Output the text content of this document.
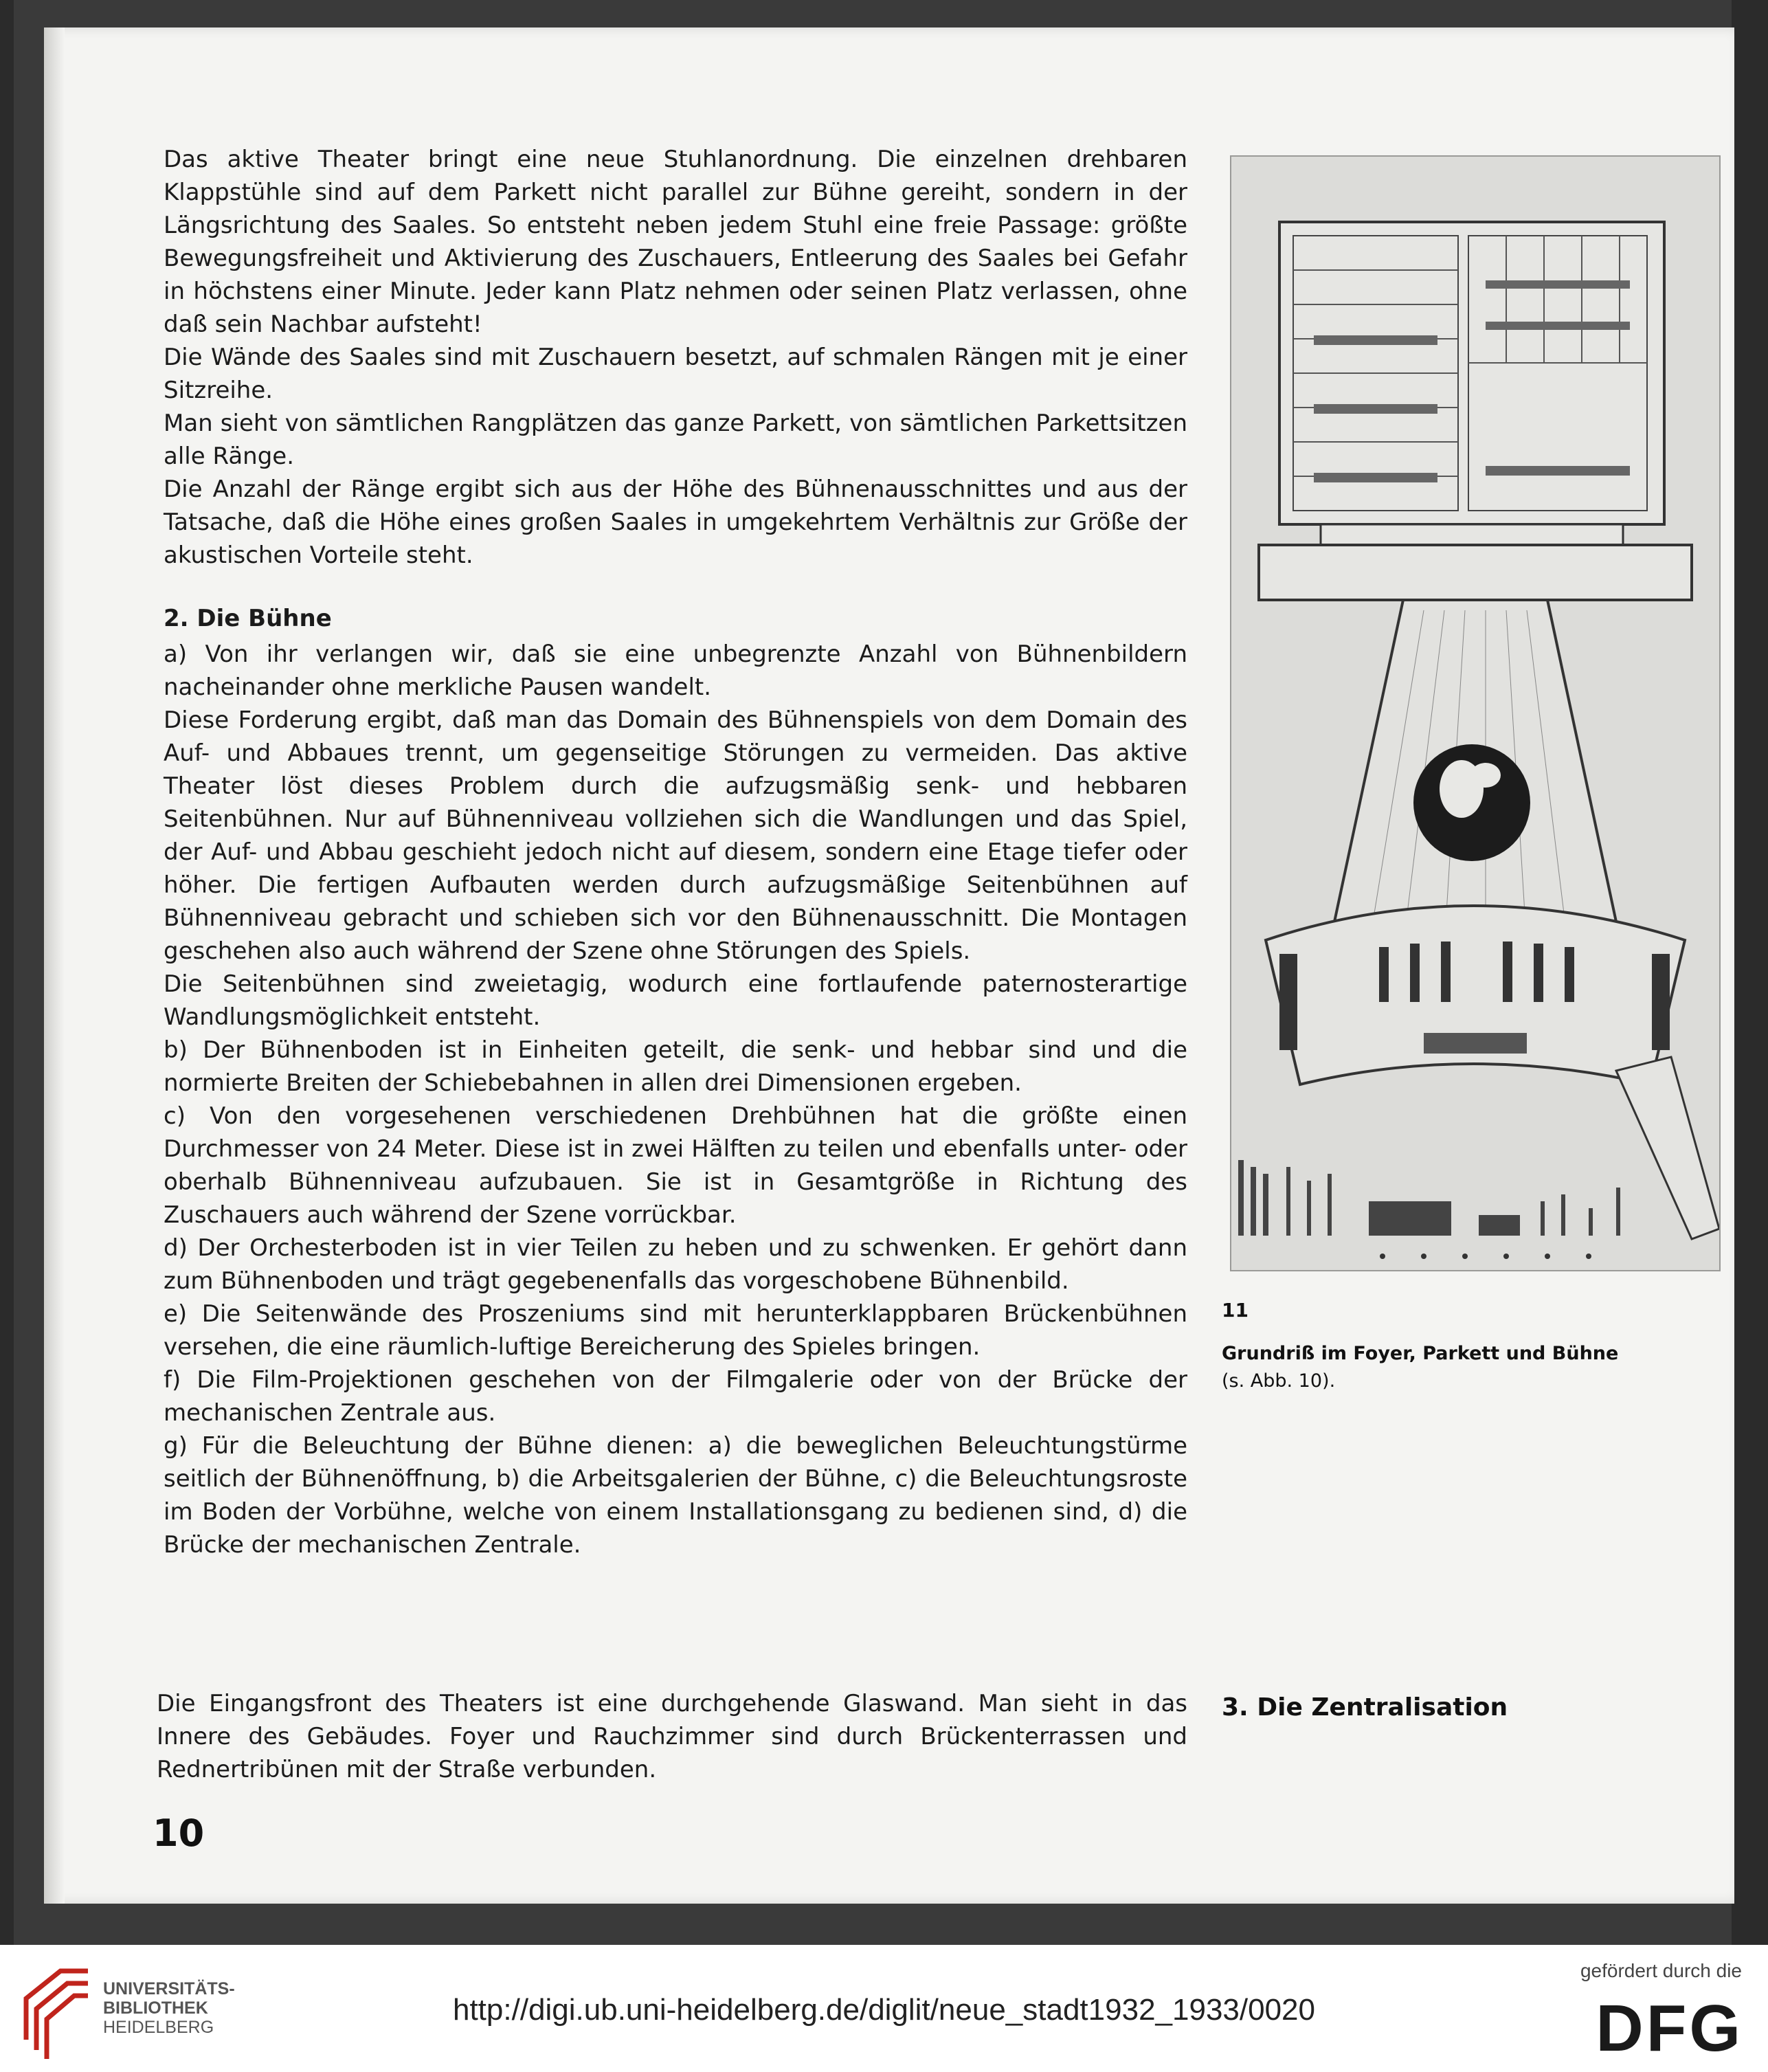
Das aktive Theater bringt eine neue Stuhlanordnung. Die einzelnen drehbaren Klappstühle sind auf dem Parkett nicht parallel zur Bühne gereiht, sondern in der Längsrichtung des Saales. So entsteht neben jedem Stuhl eine freie Passage: größte Bewegungsfreiheit und Aktivierung des Zuschauers, Entleerung des Saales bei Gefahr in höchstens einer Minute. Jeder kann Platz nehmen oder seinen Platz verlassen, ohne daß sein Nachbar aufsteht!

Die Wände des Saales sind mit Zuschauern besetzt, auf schmalen Rängen mit je einer Sitzreihe.

Man sieht von sämtlichen Rangplätzen das ganze Parkett, von sämtlichen Parkettsitzen alle Ränge.

Die Anzahl der Ränge ergibt sich aus der Höhe des Bühnenausschnittes und aus der Tatsache, daß die Höhe eines großen Saales in umgekehrtem Verhältnis zur Größe der akustischen Vorteile steht.

2. Die Bühne

a) Von ihr verlangen wir, daß sie eine unbegrenzte Anzahl von Bühnenbildern nacheinander ohne merkliche Pausen wandelt.

Diese Forderung ergibt, daß man das Domain des Bühnenspiels von dem Domain des Auf- und Abbaues trennt, um gegenseitige Störungen zu vermeiden. Das aktive Theater löst dieses Problem durch die aufzugsmäßig senk- und hebbaren Seitenbühnen. Nur auf Bühnenniveau vollziehen sich die Wandlungen und das Spiel, der Auf- und Abbau geschieht jedoch nicht auf diesem, sondern eine Etage tiefer oder höher. Die fertigen Aufbauten werden durch aufzugsmäßige Seitenbühnen auf Bühnenniveau gebracht und schieben sich vor den Bühnenausschnitt. Die Montagen geschehen also auch während der Szene ohne Störungen des Spiels.

Die Seitenbühnen sind zweietagig, wodurch eine fortlaufende paternosterartige Wandlungsmöglichkeit entsteht.

b) Der Bühnenboden ist in Einheiten geteilt, die senk- und hebbar sind und die normierte Breiten der Schiebebahnen in allen drei Dimensionen ergeben.

c) Von den vorgesehenen verschiedenen Drehbühnen hat die größte einen Durchmesser von 24 Meter. Diese ist in zwei Hälften zu teilen und ebenfalls unter- oder oberhalb Bühnenniveau aufzubauen. Sie ist in Gesamtgröße in Richtung des Zuschauers auch während der Szene vorrückbar.

d) Der Orchesterboden ist in vier Teilen zu heben und zu schwenken. Er gehört dann zum Bühnenboden und trägt gegebenenfalls das vorgeschobene Bühnenbild.

e) Die Seitenwände des Proszeniums sind mit herunterklappbaren Brückenbühnen versehen, die eine räumlich-luftige Bereicherung des Spieles bringen.

f) Die Film-Projektionen geschehen von der Filmgalerie oder von der Brücke der mechanischen Zentrale aus.

g) Für die Beleuchtung der Bühne dienen: a) die beweglichen Beleuchtungstürme seitlich der Bühnenöffnung, b) die Arbeitsgalerien der Bühne, c) die Beleuchtungsroste im Boden der Vorbühne, welche von einem Installationsgang zu bedienen sind, d) die Brücke der mechanischen Zentrale.

Die Eingangsfront des Theaters ist eine durchgehende Glaswand. Man sieht in das Innere des Gebäudes. Foyer und Rauchzimmer sind durch Brückenterrassen und Rednertribünen mit der Straße verbunden.

10
11
Grundriß im Foyer, Parkett und Bühne
(s. Abb. 10).
3. Die Zentralisation
UNIVERSITÄTS-
BIBLIOTHEK
HEIDELBERG
http://digi.ub.uni-heidelberg.de/diglit/neue_stadt1932_1933/0020
gefördert durch die
DFG
